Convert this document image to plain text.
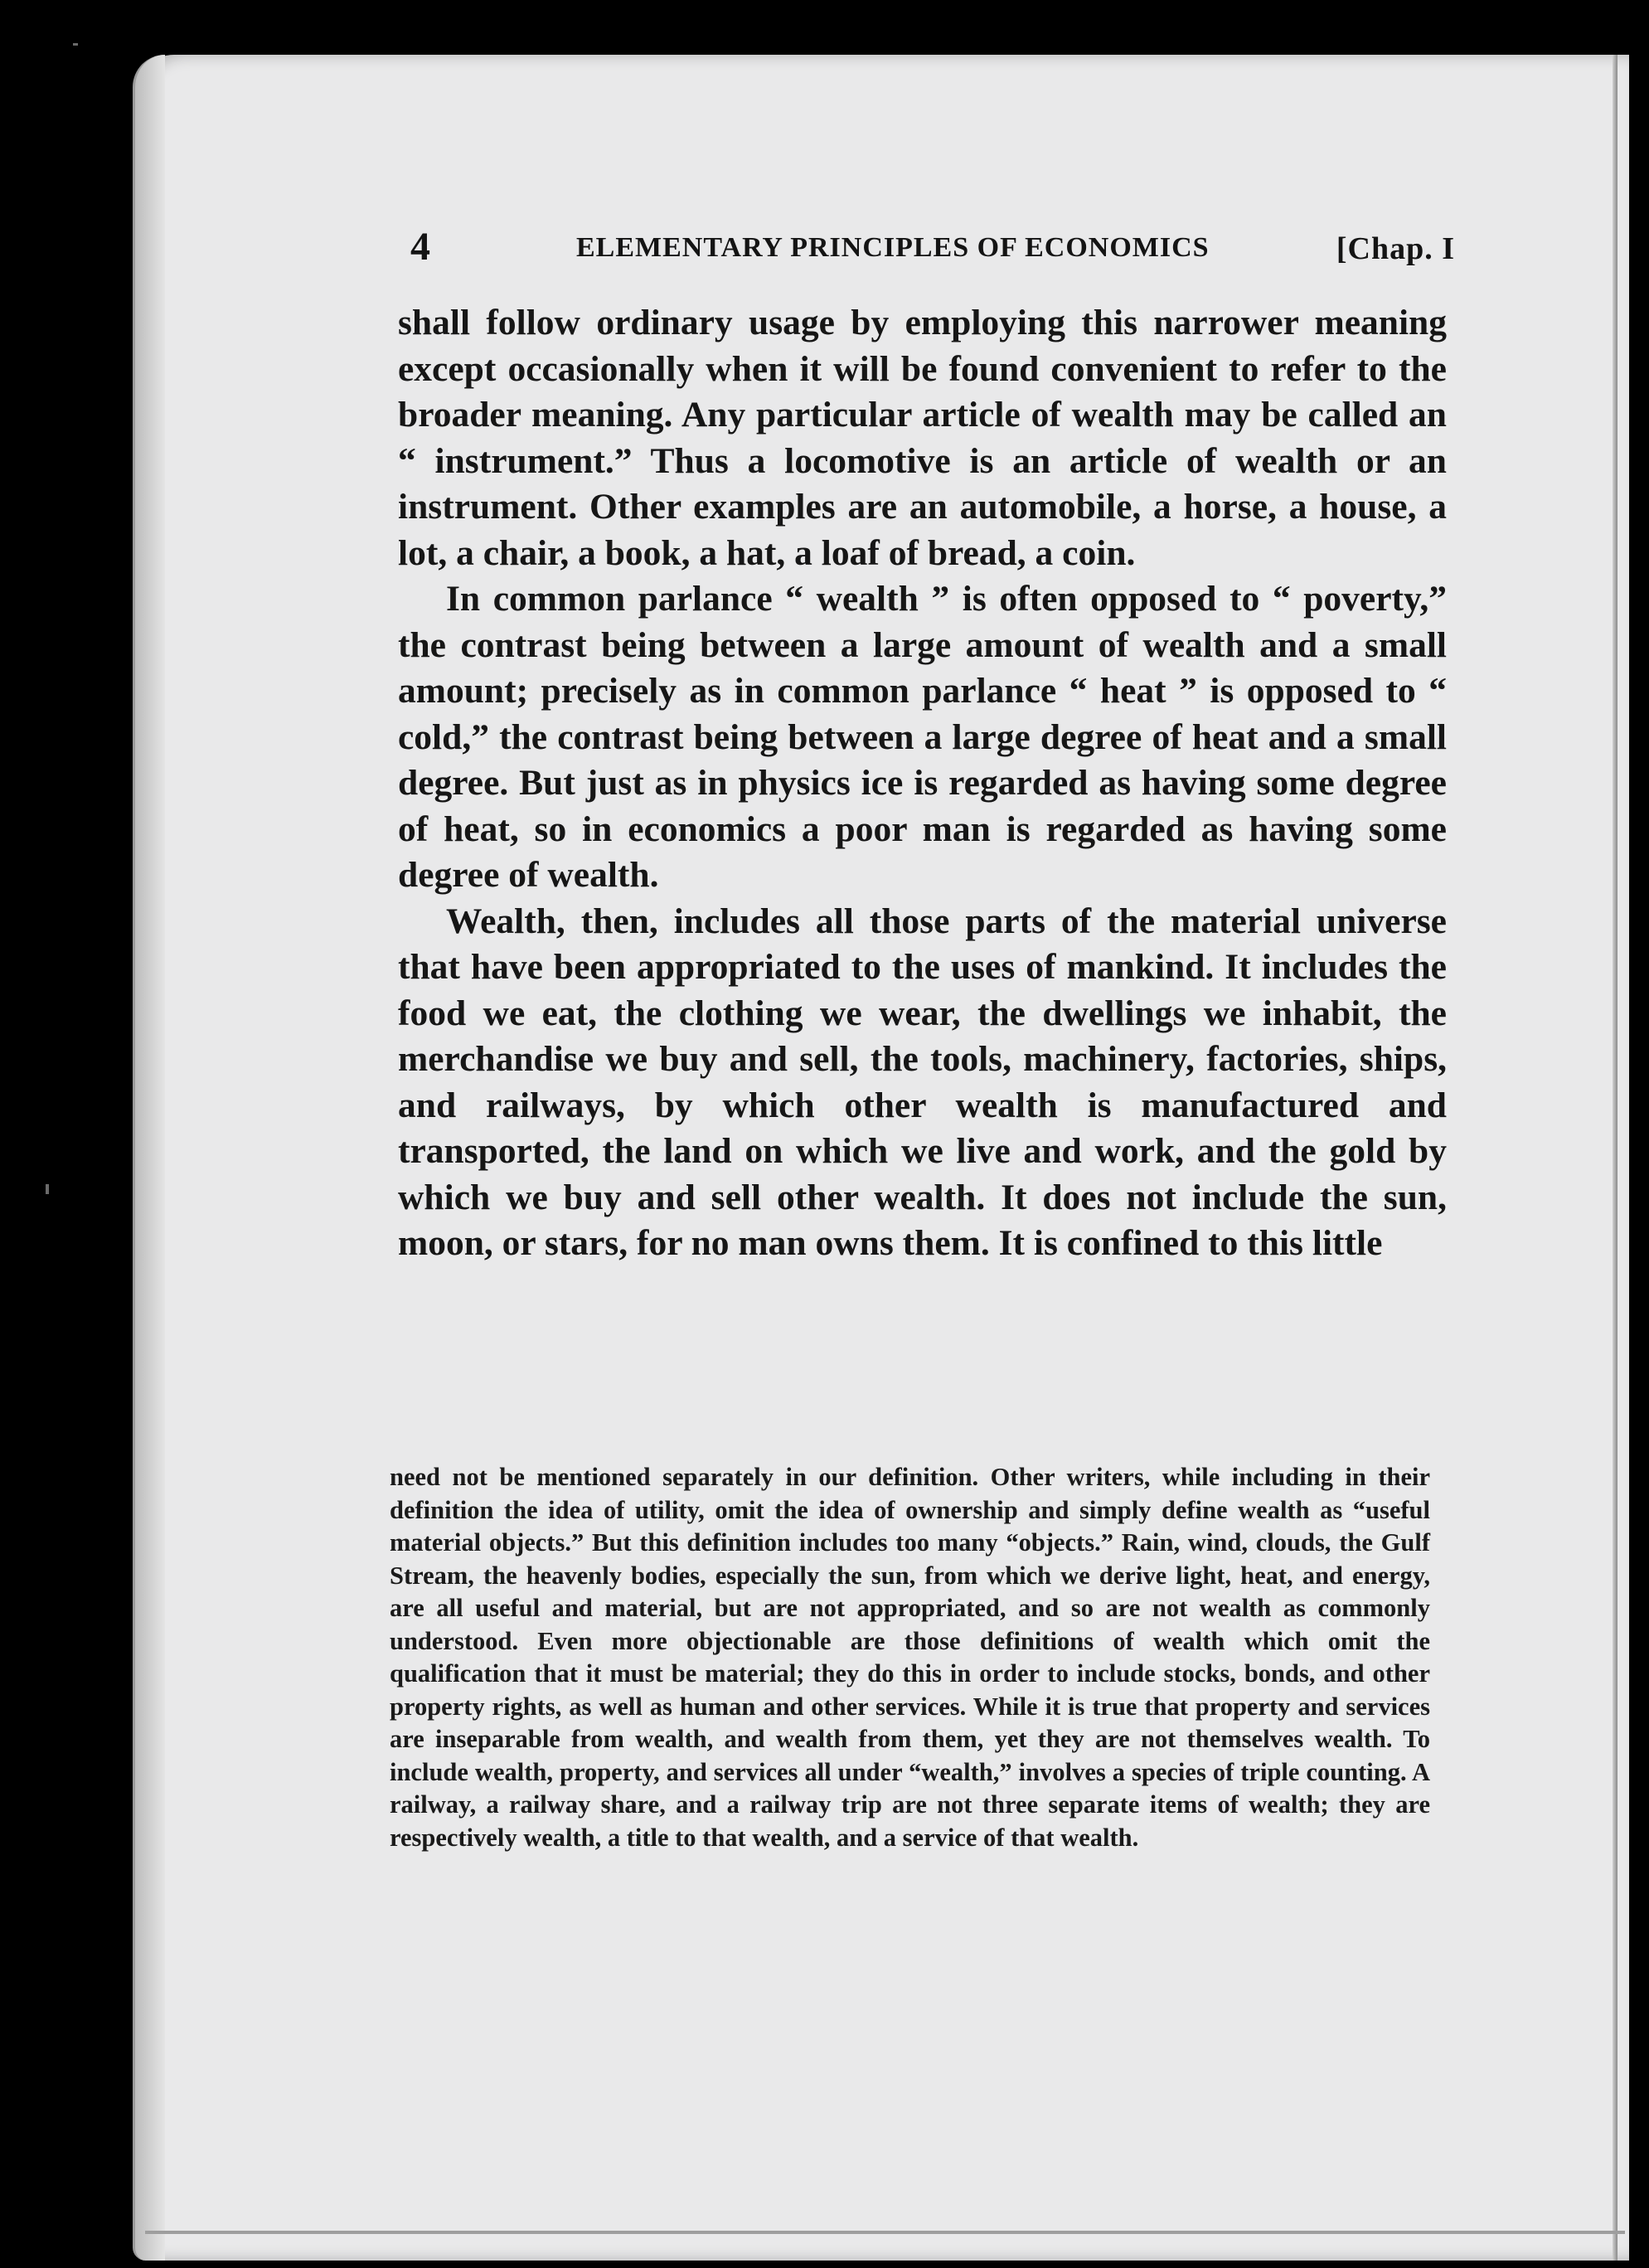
4	ELEMENTARY PRINCIPLES OF ECONOMICS	[Chap. I

shall follow ordinary usage by employing this narrower meaning except occasionally when it will be found convenient to refer to the broader meaning. Any particular article of wealth may be called an “ instrument.” Thus a locomotive is an article of wealth or an instrument. Other examples are an automobile, a horse, a house, a lot, a chair, a book, a hat, a loaf of bread, a coin.

In common parlance “ wealth ” is often opposed to “ poverty,” the contrast being between a large amount of wealth and a small amount; precisely as in common parlance “ heat ” is opposed to “ cold,” the contrast being between a large degree of heat and a small degree. But just as in physics ice is regarded as having some degree of heat, so in economics a poor man is regarded as having some degree of wealth.

Wealth, then, includes all those parts of the material universe that have been appropriated to the uses of mankind. It includes the food we eat, the clothing we wear, the dwellings we inhabit, the merchandise we buy and sell, the tools, machinery, factories, ships, and railways, by which other wealth is manufactured and transported, the land on which we live and work, and the gold by which we buy and sell other wealth. It does not include the sun, moon, or stars, for no man owns them. It is confined to this little

need not be mentioned separately in our definition. Other writers, while including in their definition the idea of utility, omit the idea of ownership and simply define wealth as “useful material objects.” But this definition includes too many “objects.” Rain, wind, clouds, the Gulf Stream, the heavenly bodies, especially the sun, from which we derive light, heat, and energy, are all useful and material, but are not appropriated, and so are not wealth as commonly understood. Even more objectionable are those definitions of wealth which omit the qualification that it must be material; they do this in order to include stocks, bonds, and other property rights, as well as human and other services. While it is true that property and services are inseparable from wealth, and wealth from them, yet they are not themselves wealth. To include wealth, property, and services all under “wealth,” involves a species of triple counting. A railway, a railway share, and a railway trip are not three separate items of wealth; they are respectively wealth, a title to that wealth, and a service of that wealth.
